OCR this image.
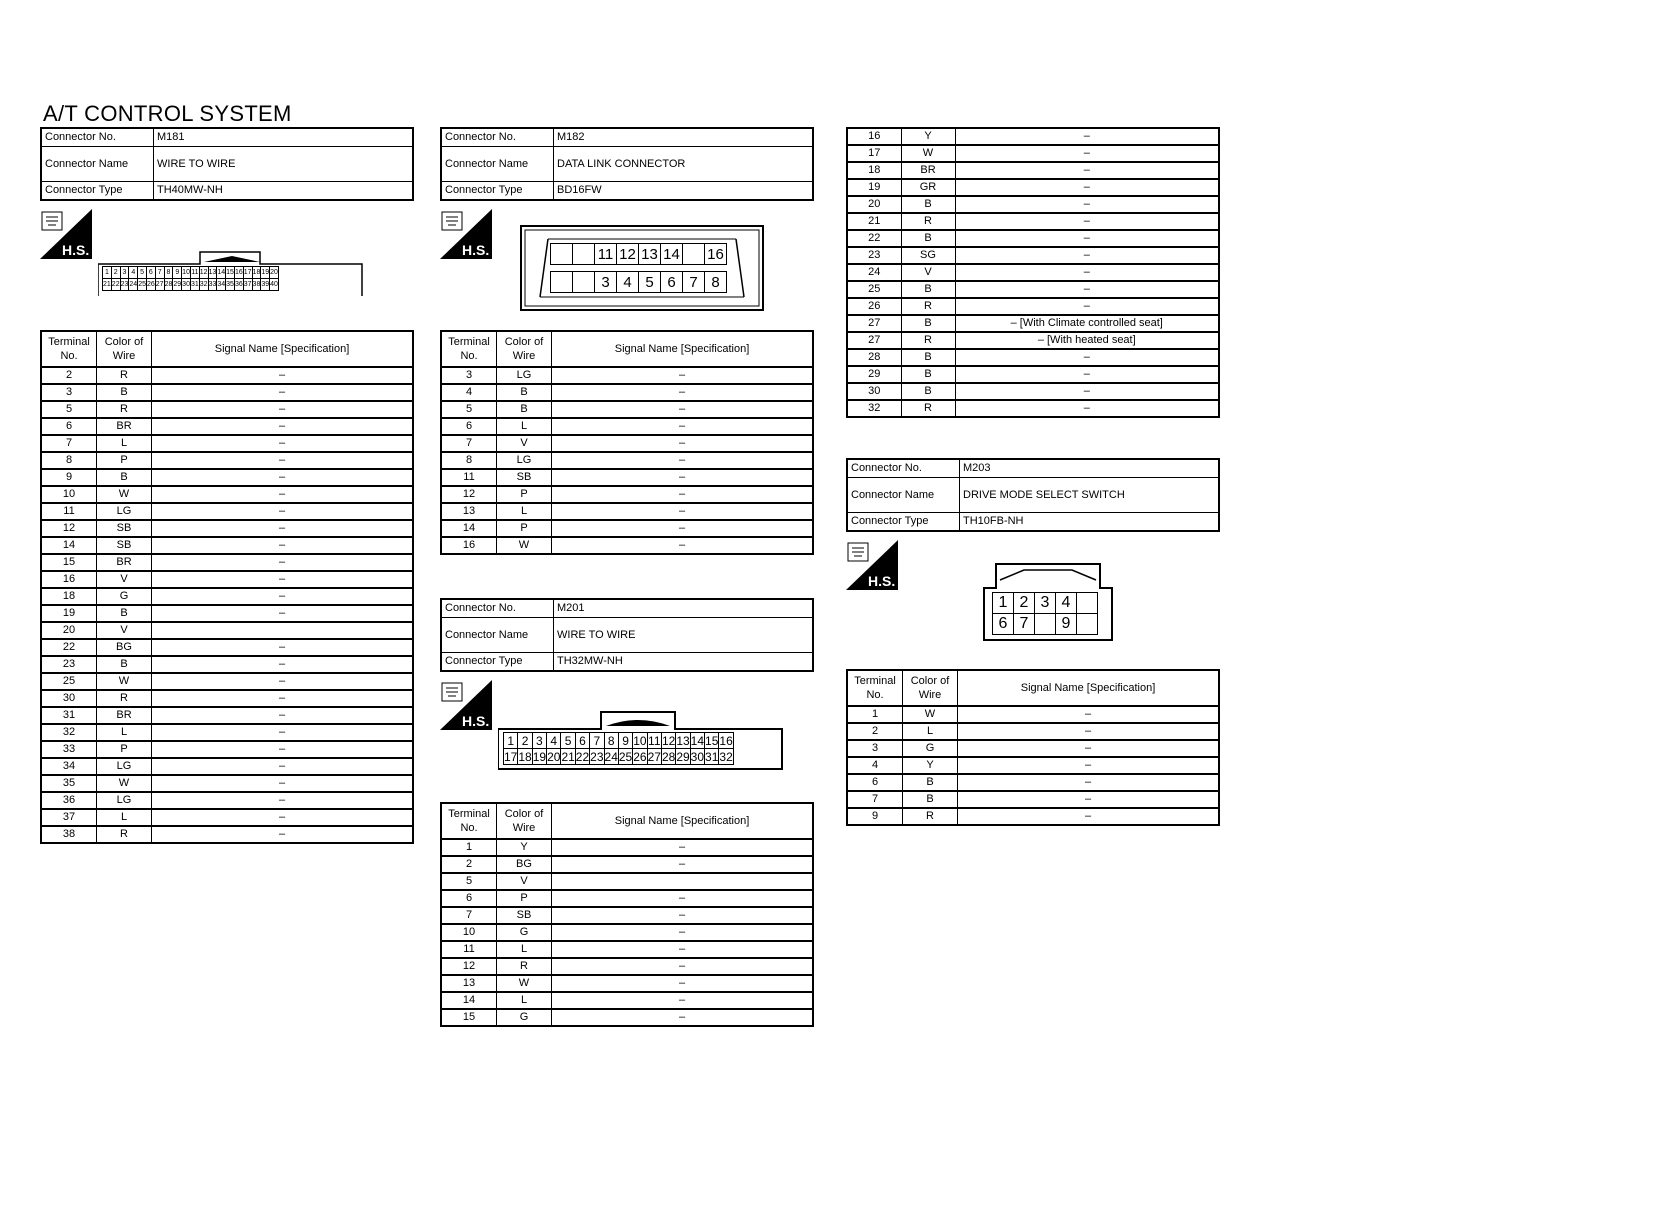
A/T CONTROL SYSTEM
Connector No.	M181
Connector Name	WIRE TO WIRE
Connector Type	TH40MW-NH
H.S.
1	2	3	4	5	6	7	8	9	10	11	12	13	14	15	16	17	18	19	20
21	22	23	24	25	26	27	28	29	30	31	32	33	34	35	36	37	38	39	40
Terminal No.	Color of Wire	Signal Name [Specification]
2	R	–
3	B	–
5	R	–
6	BR	–
7	L	–
8	P	–
9	B	–
10	W	–
11	LG	–
12	SB	–
14	SB	–
15	BR	–
16	V	–
18	G	–
19	B	–
20	V	
22	BG	–
23	B	–
25	W	–
30	R	–
31	BR	–
32	L	–
33	P	–
34	LG	–
35	W	–
36	LG	–
37	L	–
38	R	–
Connector No.	M182
Connector Name	DATA LINK CONNECTOR
Connector Type	BD16FW
H.S.
			11	12	13	14		16

		3	4	5	6	7	8
Terminal No.	Color of Wire	Signal Name [Specification]
3	LG	–
4	B	–
5	B	–
6	L	–
7	V	–
8	LG	–
11	SB	–
12	P	–
13	L	–
14	P	–
16	W	–
Connector No.	M201
Connector Name	WIRE TO WIRE
Connector Type	TH32MW-NH
H.S.
1	2	3	4	5	6	7	8	9	10	11	12	13	14	15	16
17	18	19	20	21	22	23	24	25	26	27	28	29	30	31	32
Terminal No.	Color of Wire	Signal Name [Specification]
1	Y	–
2	BG	–
5	V	
6	P	–
7	SB	–
10	G	–
11	L	–
12	R	–
13	W	–
14	L	–
15	G	–
16	Y	–
17	W	–
18	BR	–
19	GR	–
20	B	–
21	R	–
22	B	–
23	SG	–
24	V	–
25	B	–
26	R	–
27	B	– [With Climate controlled seat]
27	R	– [With heated seat]
28	B	–
29	B	–
30	B	–
32	R	–
Connector No.	M203
Connector Name	DRIVE MODE SELECT SWITCH
Connector Type	TH10FB-NH
H.S.
1	2	3	4	
6	7		9	
Terminal No.	Color of Wire	Signal Name [Specification]
1	W	–
2	L	–
3	G	–
4	Y	–
6	B	–
7	B	–
9	R	–
